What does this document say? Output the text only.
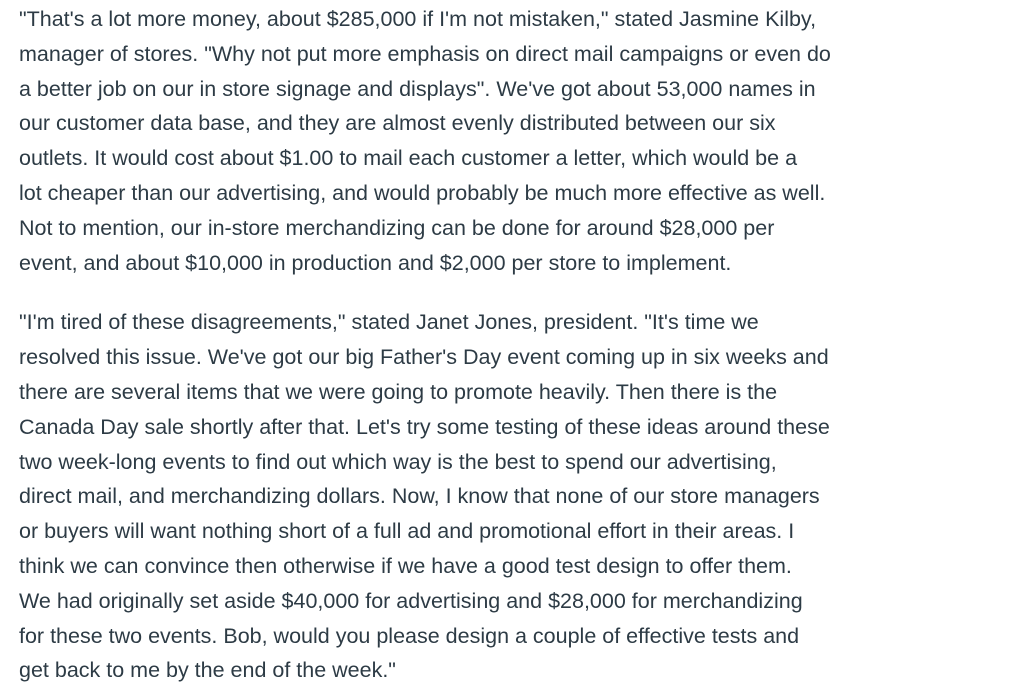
"That's a lot more money, about $285,000 if I'm not mistaken," stated Jasmine Kilby,
manager of stores. "Why not put more emphasis on direct mail campaigns or even do
a better job on our in store signage and displays". We've got about 53,000 names in
our customer data base, and they are almost evenly distributed between our six
outlets. It would cost about $1.00 to mail each customer a letter, which would be a
lot cheaper than our advertising, and would probably be much more effective as well.
Not to mention, our in-store merchandizing can be done for around $28,000 per
event, and about $10,000 in production and $2,000 per store to implement.

"I'm tired of these disagreements," stated Janet Jones, president. "It's time we
resolved this issue. We've got our big Father's Day event coming up in six weeks and
there are several items that we were going to promote heavily. Then there is the
Canada Day sale shortly after that. Let's try some testing of these ideas around these
two week-long events to find out which way is the best to spend our advertising,
direct mail, and merchandizing dollars. Now, I know that none of our store managers
or buyers will want nothing short of a full ad and promotional effort in their areas. I
think we can convince then otherwise if we have a good test design to offer them.
We had originally set aside $40,000 for advertising and $28,000 for merchandizing
for these two events. Bob, would you please design a couple of effective tests and
get back to me by the end of the week."
